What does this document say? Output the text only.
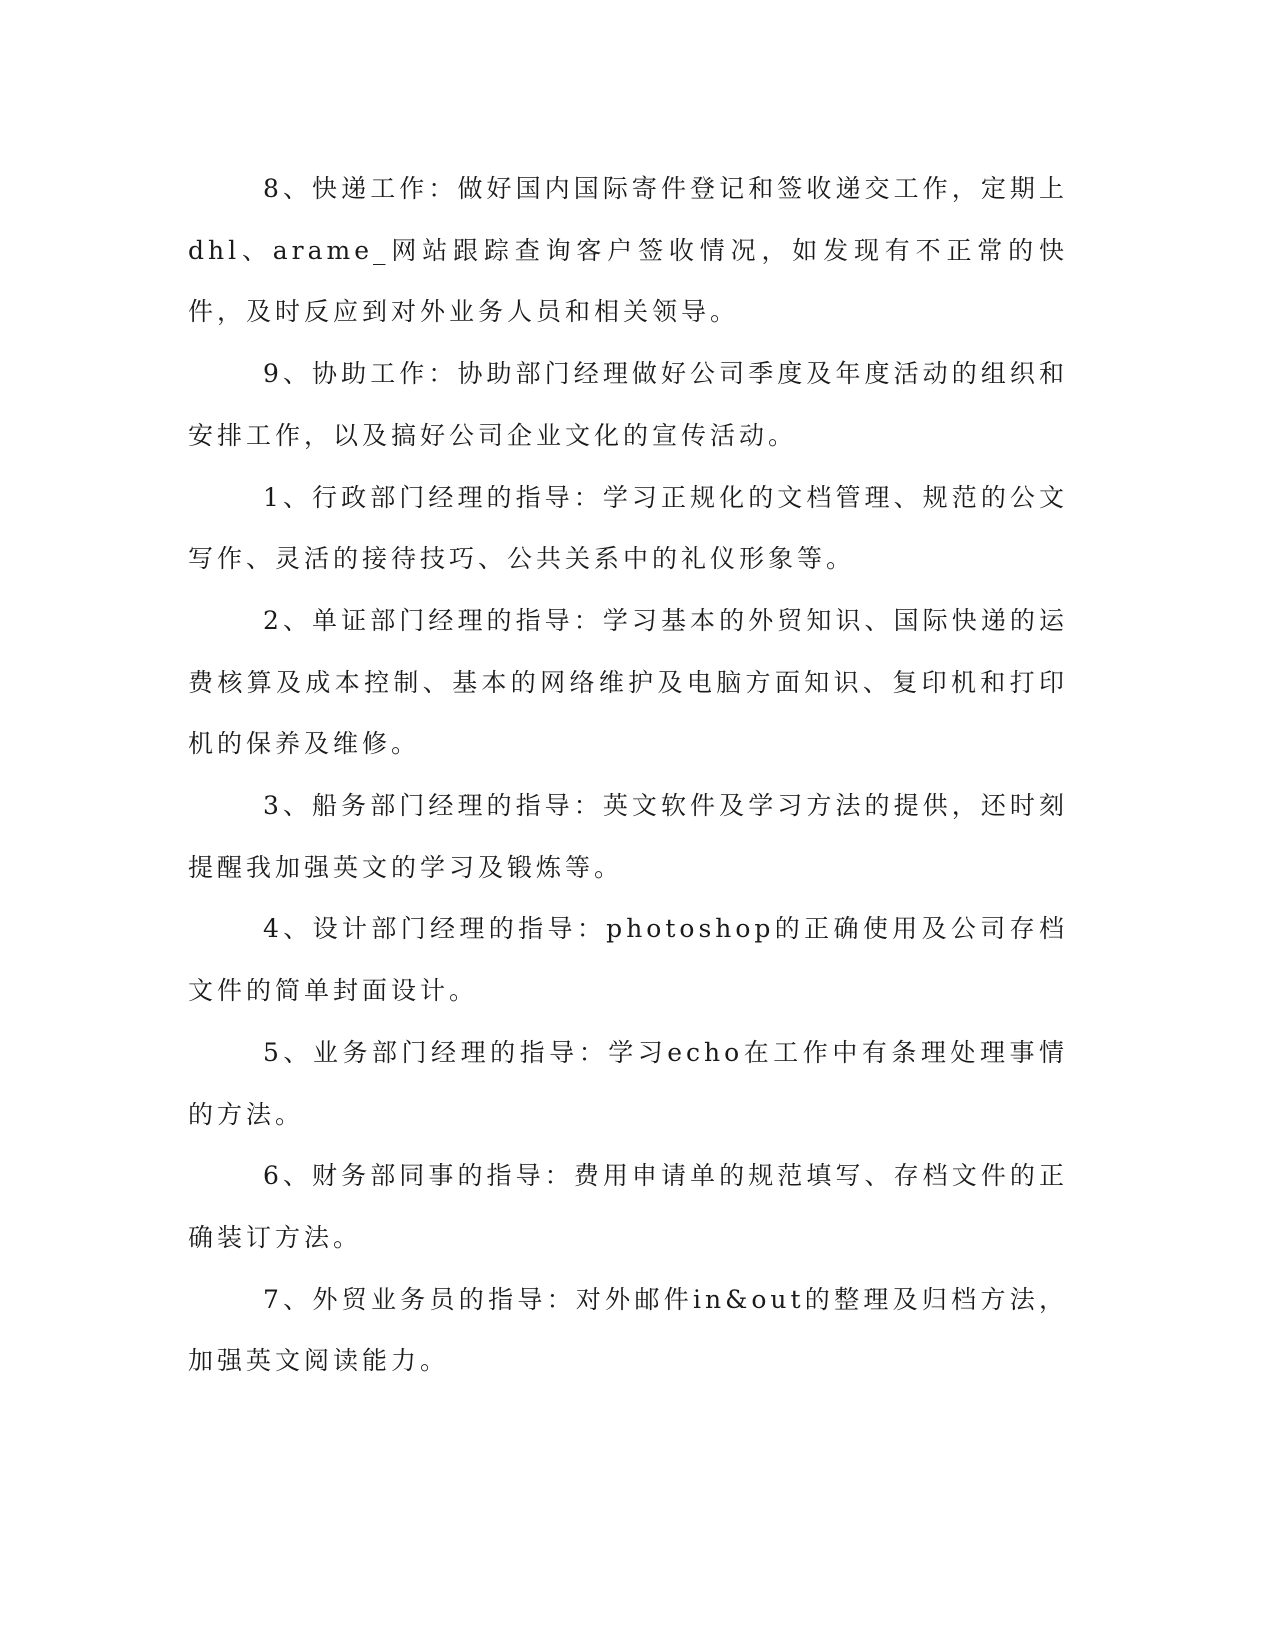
8、快递工作：做好国内国际寄件登记和签收递交工作，定期上dhl、arame_网站跟踪查询客户签收情况，如发现有不正常的快件，及时反应到对外业务人员和相关领导。

9、协助工作：协助部门经理做好公司季度及年度活动的组织和安排工作，以及搞好公司企业文化的宣传活动。

1、行政部门经理的指导：学习正规化的文档管理、规范的公文写作、灵活的接待技巧、公共关系中的礼仪形象等。

2、单证部门经理的指导：学习基本的外贸知识、国际快递的运费核算及成本控制、基本的网络维护及电脑方面知识、复印机和打印机的保养及维修。

3、船务部门经理的指导：英文软件及学习方法的提供，还时刻提醒我加强英文的学习及锻炼等。

4、设计部门经理的指导：photoshop的正确使用及公司存档文件的简单封面设计。

5、业务部门经理的指导：学习echo在工作中有条理处理事情的方法。

6、财务部同事的指导：费用申请单的规范填写、存档文件的正确装订方法。

7、外贸业务员的指导：对外邮件in&out的整理及归档方法，加强英文阅读能力。
